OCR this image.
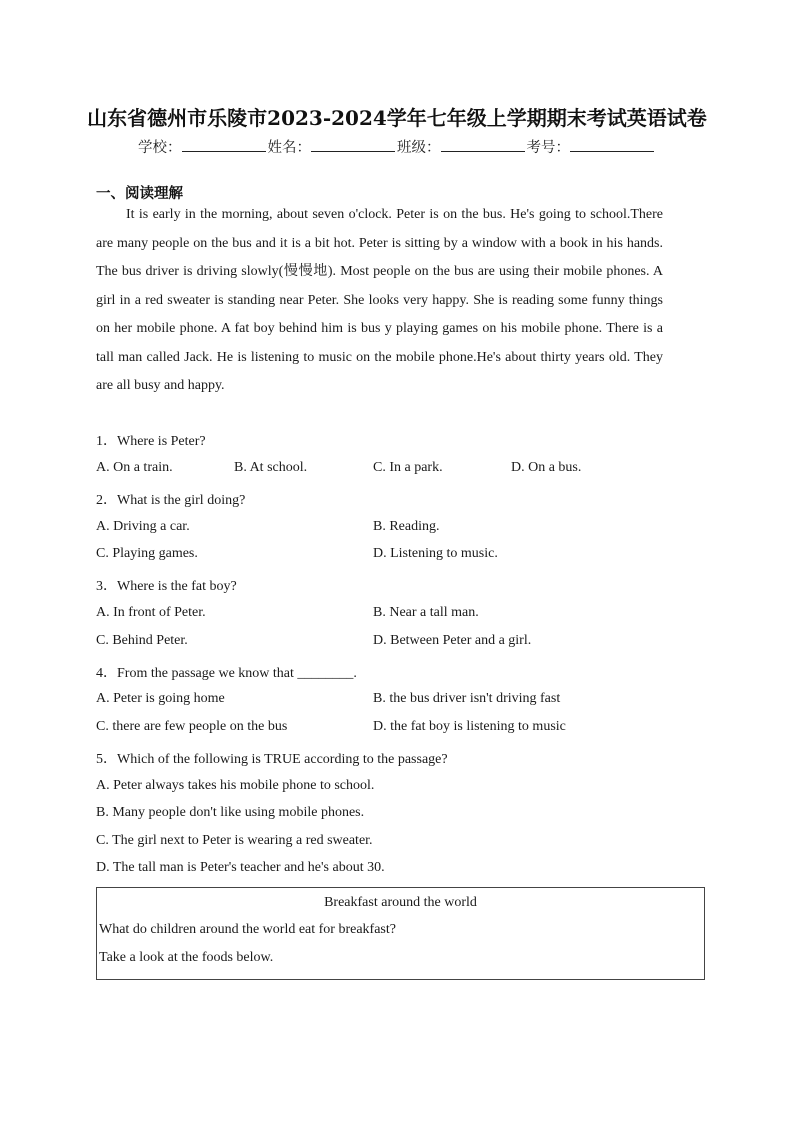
山东省德州市乐陵市2023-2024学年七年级上学期期末考试英语试卷
学校：	姓名：	班级：	考号：
一、阅读理解

It is early in the morning, about seven o'clock. Peter is on the bus. He's going to school.There are many people on the bus and it is a bit hot. Peter is sitting by a window with a book in his hands. The bus driver is driving slowly(慢慢地). Most people on the bus are using their mobile phones. A girl in a red sweater is standing near Peter. She looks very happy. She is reading some funny things on her mobile phone. A fat boy behind him is bus y playing games on his mobile phone. There is a tall man called Jack. He is listening to music on the mobile phone.He's about thirty years old. They are all busy and happy.

1．Where is Peter?
A. On a train.	B. At school.	C. In a park.	D. On a bus.
2．What is the girl doing?
A. Driving a car.	B. Reading.
C. Playing games.	D. Listening to music.
3．Where is the fat boy?
A. In front of Peter.	B. Near a tall man.
C. Behind Peter.	D. Between Peter and a girl.
4．From the passage we know that ________.
A. Peter is going home	B. the bus driver isn't driving fast
C. there are few people on the bus	D. the fat boy is listening to music
5．Which of the following is TRUE according to the passage?
A. Peter always takes his mobile phone to school.
B. Many people don't like using mobile phones.
C. The girl next to Peter is wearing a red sweater.
D. The tall man is Peter's teacher and he's about 30.
Breakfast around the world
What do children around the world eat for breakfast?
Take a look at the foods below.
